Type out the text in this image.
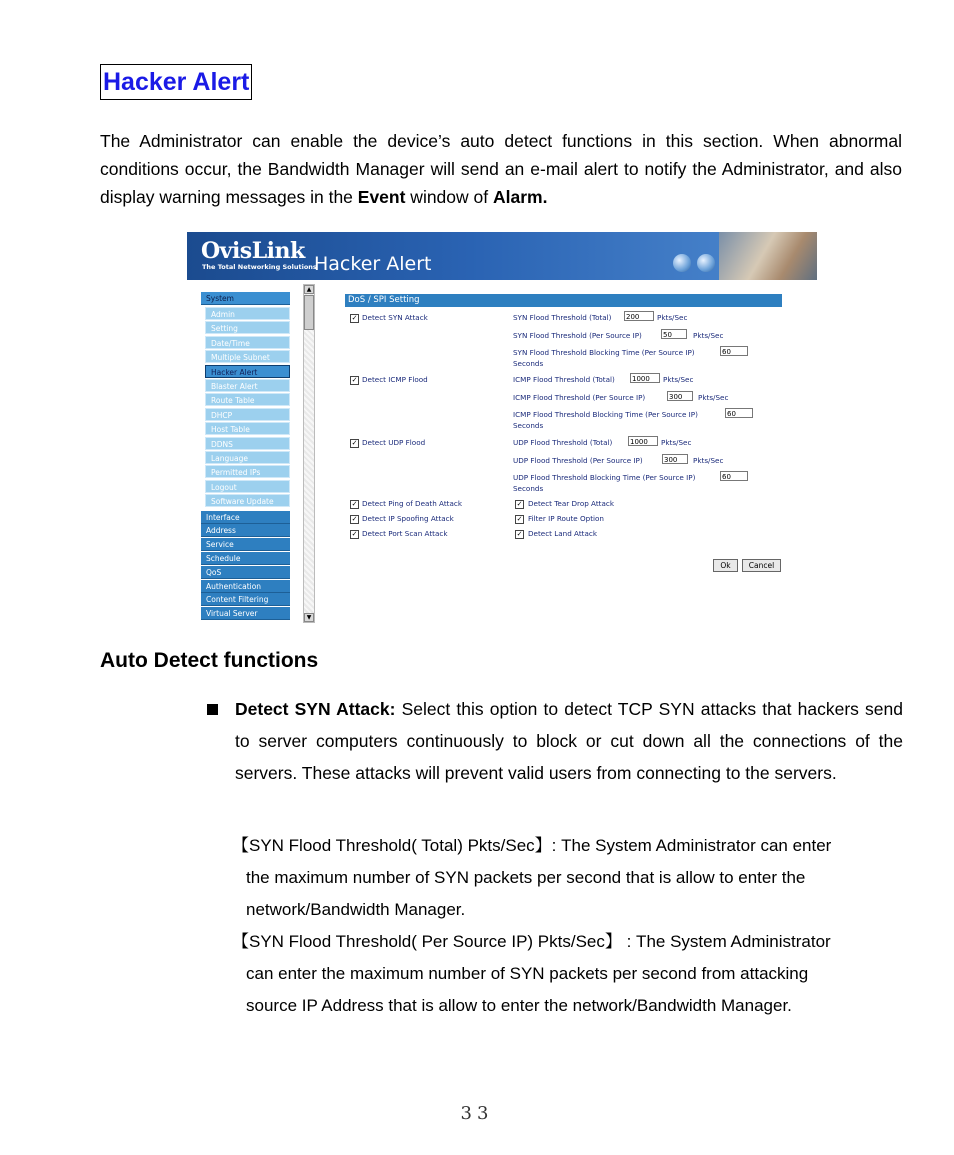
Hacker Alert
The Administrator can enable the device’s auto detect functions in this section. When abnormal conditions occur, the Bandwidth Manager will send an e-mail alert to notify the Administrator, and also display warning messages in the Event window of Alarm.
OvisLink
The Total Networking Solutions
Hacker Alert
System
Admin
Setting
Date/Time
Multiple Subnet
Hacker Alert
Blaster Alert
Route Table
DHCP
Host Table
DDNS
Language
Permitted IPs
Logout
Software Update
Interface
Address
Service
Schedule
QoS
Authentication
Content Filtering
Virtual Server
▲
▼
DoS / SPI Setting
✓ Detect SYN Attack	SYN Flood Threshold (Total) 200	Pkts/Sec
SYN Flood Threshold (Per Source IP)	50	Pkts/Sec
SYN Flood Threshold Blocking Time (Per Source IP)	60
Seconds
✓ Detect ICMP Flood	ICMP Flood Threshold (Total) 1000	Pkts/Sec
ICMP Flood Threshold (Per Source IP)	300	Pkts/Sec
ICMP Flood Threshold Blocking Time (Per Source IP)	60
Seconds
✓ Detect UDP Flood	UDP Flood Threshold (Total)	1000	Pkts/Sec
UDP Flood Threshold (Per Source IP)	300	Pkts/Sec
UDP Flood Threshold Blocking Time (Per Source IP)	60
Seconds
✓ Detect Ping of Death Attack	✓ Detect Tear Drop Attack
✓ Detect IP Spoofing Attack	✓ Filter IP Route Option
✓ Detect Port Scan Attack	✓ Detect Land Attack
Ok	Cancel
Auto Detect functions
Detect SYN Attack: Select this option to detect TCP SYN attacks that hackers send to server computers continuously to block or cut down all the connections of the servers. These attacks will prevent valid users from connecting to the servers.
【SYN Flood Threshold( Total) Pkts/Sec】: The System Administrator can enter
the maximum number of SYN packets per second that is allow to enter the
network/Bandwidth Manager.
【SYN Flood Threshold( Per Source IP) Pkts/Sec】 : The System Administrator
can enter the maximum number of SYN packets per second from attacking
source IP Address that is allow to enter the network/Bandwidth Manager.
33
